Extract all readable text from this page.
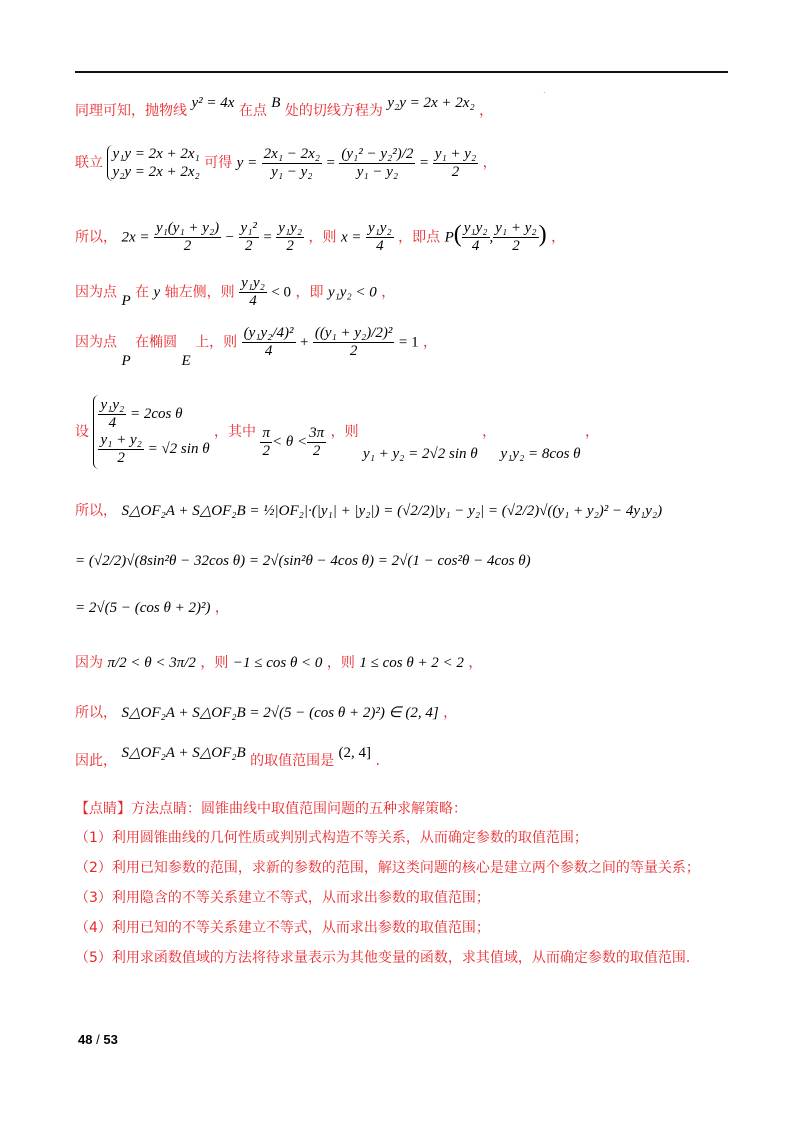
.
同理可知，抛物线 y² = 4x 在点 B 处的切线方程为 y₂y = 2x + 2x₂ ，
联立
y₁y = 2x + 2x₁
y₂y = 2x + 2x₂
可得 $y = \frac{\text{2x₁ − 2x₂}}{\text{y₁ − y₂}} = \frac{\text{(y₁² − y₂²)/2}}{\text{y₁ − y₂}} = \frac{\text{y₁ + y₂}}{2}$ ，
所以， $2x = \frac{\text{y₁(y₁ + y₂)}}{2} - \frac{\text{y₁²}}{2} = \frac{\text{y₁y₂}}{2}$ ，则 $x = \frac{\text{y₁y₂}}{4}$ ，即点 $P( \frac{\text{y₁y₂}}{4}$ , $\frac{\text{y₁ + y₂}}{2}$ ) ，
因为点 P 在 y 轴左侧，则 $\frac{\text{y₁y₂}}{4} < 0$ ，即 y₁y₂ < 0 ，
因为点 P 在椭圆 E 上，则 $\frac{\text{(y₁y₂/4)²}}{4} + \frac{\text{((y₁ + y₂)/2)²}}{2} = 1$ ，
设 $\frac{\text{y₁y₂}}{4} = 2\cos$ θ
$\frac{\text{y₁ + y₂}}{2} = √2$ sin θ
，其中 $\frac{\pi}{2} < \theta < \frac{3\pi}{2}$ ，则 y₁ + y₂ = 2√2 sin θ ， y₁y₂ = 8cos θ ，
所以， S△OF₂A + S△OF₂B = ½|OF₂|·(|y₁| + |y₂|) = (√2/2)|y₁ − y₂| = (√2/2)√((y₁ + y₂)² − 4y₁y₂)
= (√2/2)√(8sin²θ − 32cos θ) = 2√(sin²θ − 4cos θ) = 2√(1 − cos²θ − 4cos θ)
= 2√(5 − (cos θ + 2)²) ，
因为 π/2 < θ < 3π/2 ，则 −1 ≤ cos θ < 0 ，则 1 ≤ cos θ + 2 < 2 ，
所以， S△OF₂A + S△OF₂B = 2√(5 − (cos θ + 2)²) ∈ (2, 4] ，
因此， S△OF₂A + S△OF₂B 的取值范围是 (2, 4] .
【点睛】方法点睛：圆锥曲线中取值范围问题的五种求解策略：
（1）利用圆锥曲线的几何性质或判别式构造不等关系，从而确定参数的取值范围；
（2）利用已知参数的范围，求新的参数的范围，解这类问题的核心是建立两个参数之间的等量关系；
（3）利用隐含的不等关系建立不等式，从而求出参数的取值范围；
（4）利用已知的不等关系建立不等式，从而求出参数的取值范围；
（5）利用求函数值域的方法将待求量表示为其他变量的函数，求其值域，从而确定参数的取值范围.
48 / 53
